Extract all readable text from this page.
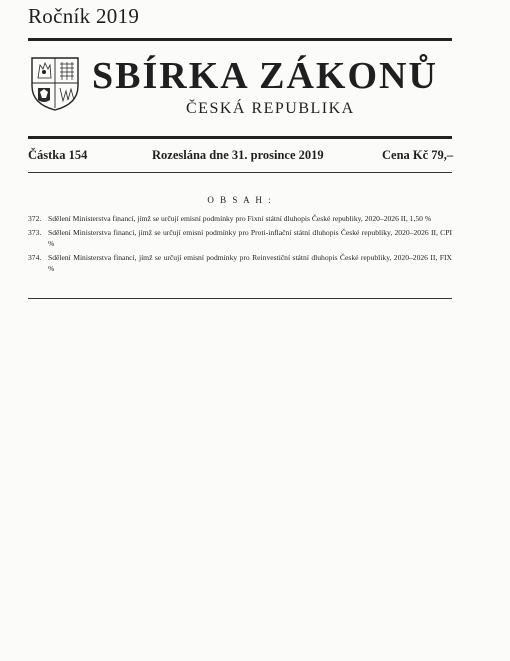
Ročník 2019
SBÍRKA ZÁKONŮ
ČESKÁ REPUBLIKA
Částka 154	Rozeslána dne 31. prosince 2019	Cena Kč 79,–
O B S A H :
372. Sdělení Ministerstva financí, jímž se určují emisní podmínky pro Fixní státní dluhopis České republiky, 2020–2026 II, 1,50 %
373. Sdělení Ministerstva financí, jímž se určují emisní podmínky pro Proti-inflační státní dluhopis České republiky, 2020–2026 II, CPI %
374. Sdělení Ministerstva financí, jímž se určují emisní podmínky pro Reinvestiční státní dluhopis České republiky, 2020–2026 II, FIX %
